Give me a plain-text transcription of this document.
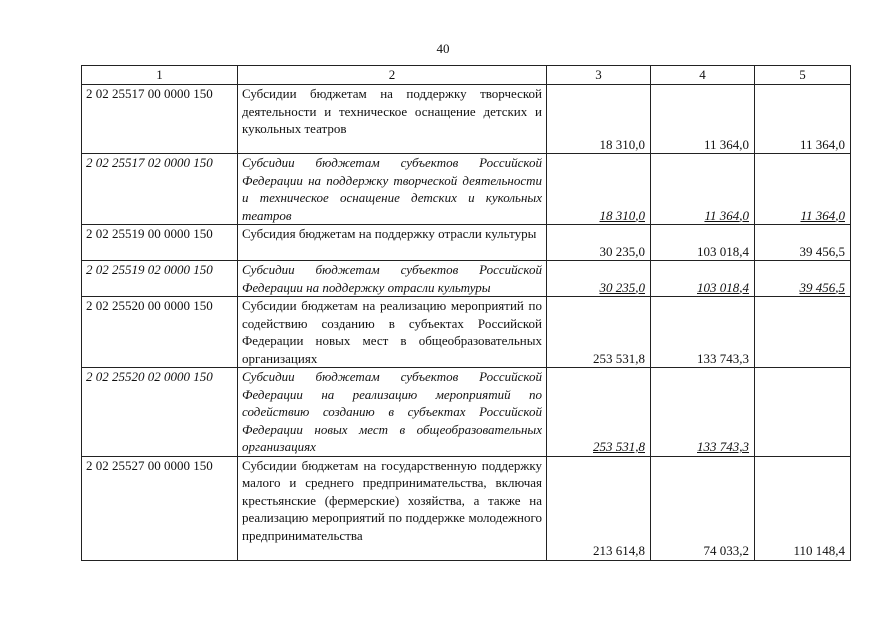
40
1	2	3	4	5
2 02 25517 00 0000 150	Субсидии бюджетам на поддержку творческой деятельности и техническое оснащение детских и кукольных театров	18 310,0	11 364,0	11 364,0
2 02 25517 02 0000 150	Субсидии бюджетам субъектов Российской Федерации на поддержку творческой деятельности и техническое оснащение детских и кукольных театров	18 310,0	11 364,0	11 364,0
2 02 25519 00 0000 150	Субсидия бюджетам на поддержку отрасли культуры	30 235,0	103 018,4	39 456,5
2 02 25519 02 0000 150	Субсидии бюджетам субъектов Российской Федерации на поддержку отрасли культуры	30 235,0	103 018,4	39 456,5
2 02 25520 00 0000 150	Субсидии бюджетам на реализацию мероприятий по содействию созданию в субъектах Российской Федерации новых мест в общеобразовательных организациях	253 531,8	133 743,3	
2 02 25520 02 0000 150	Субсидии бюджетам субъектов Российской Федерации на реализацию мероприятий по содействию созданию в субъектах Российской Федерации новых мест в общеобразовательных организациях	253 531,8	133 743,3	
2 02 25527 00 0000 150	Субсидии бюджетам на государственную поддержку малого и среднего предпринимательства, включая крестьянские (фермерские) хозяйства, а также на реализацию мероприятий по поддержке молодежного предпринимательства	213 614,8	74 033,2	110 148,4
